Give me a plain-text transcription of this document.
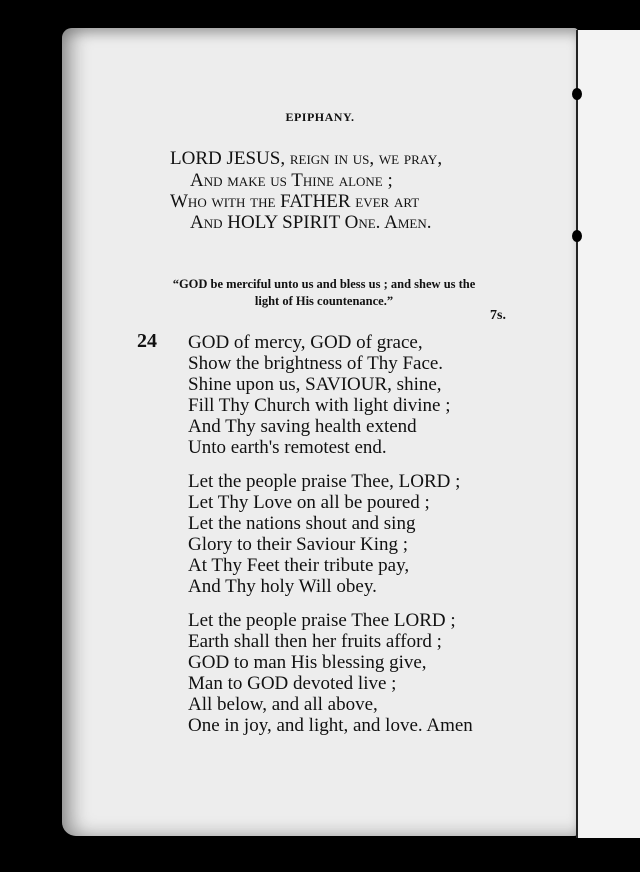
EPIPHANY.
LORD JESUS, reign in us, we pray,
And make us Thine alone ;
Who with the FATHER ever art
And HOLY SPIRIT One. Amen.
“GOD be merciful unto us and bless us ; and shew us the
light of His countenance.”
7s.
24 GOD of mercy, GOD of grace,
Show the brightness of Thy Face.
Shine upon us, SAVIOUR, shine,
Fill Thy Church with light divine ;
And Thy saving health extend
Unto earth's remotest end.
Let the people praise Thee, LORD ;
Let Thy Love on all be poured ;
Let the nations shout and sing
Glory to their Saviour King ;
At Thy Feet their tribute pay,
And Thy holy Will obey.
Let the people praise Thee LORD ;
Earth shall then her fruits afford ;
GOD to man His blessing give,
Man to GOD devoted live ;
All below, and all above,
One in joy, and light, and love. Amen
